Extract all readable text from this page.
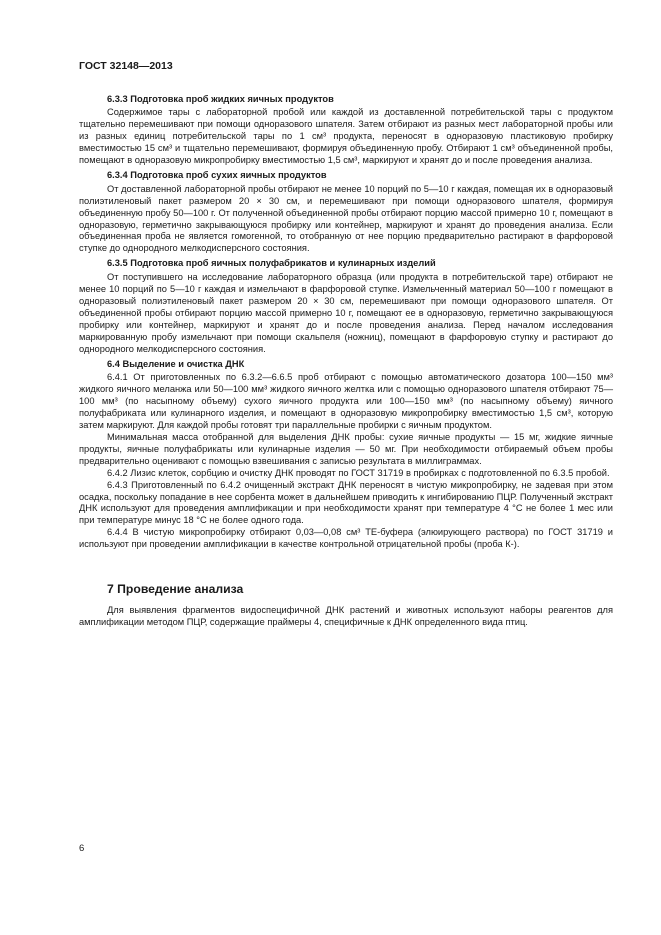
ГОСТ 32148—2013
6.3.3 Подготовка проб жидких яичных продуктов

Содержимое тары с лабораторной пробой или каждой из доставленной потребительской тары с продуктом тщательно перемешивают при помощи одноразового шпателя. Затем отбирают из разных мест лабораторной пробы или из разных единиц потребительской тары по 1 см³ продукта, переносят в одноразовую пластиковую пробирку вместимостью 15 см³ и тщательно перемешивают, формируя объединенную пробу. Отбирают 1 см³ объединенной пробы, помещают в одноразовую микропробирку вместимостью 1,5 см³, маркируют и хранят до и после проведения анализа.

6.3.4 Подготовка проб сухих яичных продуктов

От доставленной лабораторной пробы отбирают не менее 10 порций по 5—10 г каждая, помещая их в одноразовый полиэтиленовый пакет размером 20 × 30 см, и перемешивают при помощи одноразового шпателя, формируя объединенную пробу 50—100 г. От полученной объединенной пробы отбирают порцию массой примерно 10 г, помещают в одноразовую, герметично закрывающуюся пробирку или контейнер, маркируют и хранят до проведения анализа. Если объединенная проба не является гомогенной, то отобранную от нее порцию предварительно растирают в фарфоровой ступке до однородного мелкодисперсного состояния.

6.3.5 Подготовка проб яичных полуфабрикатов и кулинарных изделий

От поступившего на исследование лабораторного образца (или продукта в потребительской таре) отбирают не менее 10 порций по 5—10 г каждая и измельчают в фарфоровой ступке. Измельченный материал 50—100 г помещают в одноразовый полиэтиленовый пакет размером 20 × 30 см, перемешивают при помощи одноразового шпателя. От объединенной пробы отбирают порцию массой примерно 10 г, помещают ее в одноразовую, герметично закрывающуюся пробирку или контейнер, маркируют и хранят до и после проведения анализа. Перед началом исследования маркированную пробу измельчают при помощи скальпеля (ножниц), помещают в фарфоровую ступку и растирают до однородного мелкодисперсного состояния.

6.4 Выделение и очистка ДНК

6.4.1 От приготовленных по 6.3.2—6.6.5 проб отбирают с помощью автоматического дозатора 100—150 мм³ жидкого яичного меланжа или 50—100 мм³ жидкого яичного желтка или с помощью одноразового шпателя отбирают 75—100 мм³ (по насыпному объему) сухого яичного продукта или 100—150 мм³ (по насыпному объему) яичного полуфабриката или кулинарного изделия, и помещают в одноразовую микропробирку вместимостью 1,5 см³, которую затем маркируют. Для каждой пробы готовят три параллельные пробирки с яичным продуктом.

Минимальная масса отобранной для выделения ДНК пробы: сухие яичные продукты — 15 мг, жидкие яичные продукты, яичные полуфабрикаты или кулинарные изделия — 50 мг. При необходимости отбираемый объем пробы предварительно оценивают с помощью взвешивания с записью результата в миллиграммах.

6.4.2 Лизис клеток, сорбцию и очистку ДНК проводят по ГОСТ 31719 в пробирках с подготовленной по 6.3.5 пробой.

6.4.3 Приготовленный по 6.4.2 очищенный экстракт ДНК переносят в чистую микропробирку, не задевая при этом осадка, поскольку попадание в нее сорбента может в дальнейшем приводить к ингибированию ПЦР. Полученный экстракт ДНК используют для проведения амплификации и при необходимости хранят при температуре 4 °С не более 1 мес или при температуре минус 18 °С не более одного года.

6.4.4 В чистую микропробирку отбирают 0,03—0,08 см³ ТЕ-буфера (элюирующего раствора) по ГОСТ 31719 и используют при проведении амплификации в качестве контрольной отрицательной пробы (проба К-).

7 Проведение анализа

Для выявления фрагментов видоспецифичной ДНК растений и животных используют наборы реагентов для амплификации методом ПЦР, содержащие праймеры 4, специфичные к ДНК определенного вида птиц.

6
